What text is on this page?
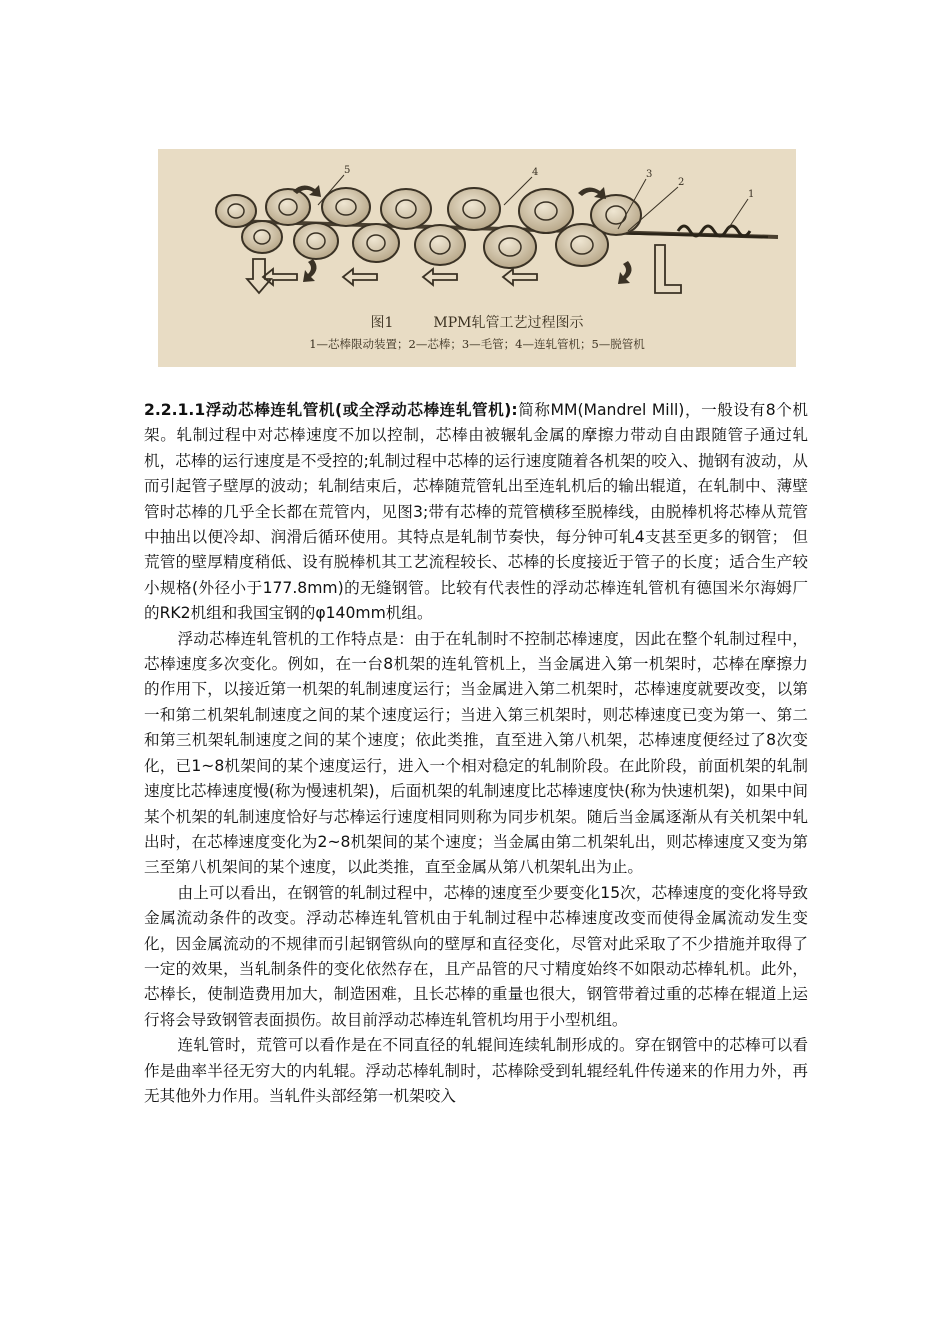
5	4	3
2
1
图1	MPM轧管工艺过程图示
1—芯棒限动装置；2—芯棒；3—毛管；4—连轧管机；5—脱管机

2.2.1.1浮动芯棒连轧管机(或全浮动芯棒连轧管机):简称MM(Mandrel Mill)，一般设有8个机架。轧制过程中对芯棒速度不加以控制，芯棒由被辗轧金属的摩擦力带动自由跟随管子通过轧机，芯棒的运行速度是不受控的;轧制过程中芯棒的运行速度随着各机架的咬入、抛钢有波动，从而引起管子壁厚的波动；轧制结束后，芯棒随荒管轧出至连轧机后的输出辊道，在轧制中、薄壁管时芯棒的几乎全长都在荒管内，见图3;带有芯棒的荒管横移至脱棒线，由脱棒机将芯棒从荒管中抽出以便冷却、润滑后循环使用。其特点是轧制节奏快，每分钟可轧4支甚至更多的钢管； 但荒管的壁厚精度稍低、设有脱棒机其工艺流程较长、芯棒的长度接近于管子的长度；适合生产较小规格(外径小于177.8mm)的无缝钢管。比较有代表性的浮动芯棒连轧管机有德国米尔海姆厂的RK2机组和我国宝钢的φ140mm机组。

浮动芯棒连轧管机的工作特点是：由于在轧制时不控制芯棒速度，因此在整个轧制过程中，芯棒速度多次变化。例如，在一台8机架的连轧管机上，当金属进入第一机架时，芯棒在摩擦力的作用下，以接近第一机架的轧制速度运行；当金属进入第二机架时，芯棒速度就要改变，以第一和第二机架轧制速度之间的某个速度运行；当进入第三机架时，则芯棒速度已变为第一、第二和第三机架轧制速度之间的某个速度；依此类推，直至进入第八机架，芯棒速度便经过了8次变化，已1~8机架间的某个速度运行，进入一个相对稳定的轧制阶段。在此阶段，前面机架的轧制速度比芯棒速度慢(称为慢速机架)，后面机架的轧制速度比芯棒速度快(称为快速机架)，如果中间某个机架的轧制速度恰好与芯棒运行速度相同则称为同步机架。随后当金属逐渐从有关机架中轧出时，在芯棒速度变化为2~8机架间的某个速度；当金属由第二机架轧出，则芯棒速度又变为第三至第八机架间的某个速度，以此类推，直至金属从第八机架轧出为止。

由上可以看出，在钢管的轧制过程中，芯棒的速度至少要变化15次，芯棒速度的变化将导致金属流动条件的改变。浮动芯棒连轧管机由于轧制过程中芯棒速度改变而使得金属流动发生变化，因金属流动的不规律而引起钢管纵向的壁厚和直径变化，尽管对此采取了不少措施并取得了一定的效果，当轧制条件的变化依然存在，且产品管的尺寸精度始终不如限动芯棒轧机。此外，芯棒长，使制造费用加大，制造困难，且长芯棒的重量也很大，钢管带着过重的芯棒在辊道上运行将会导致钢管表面损伤。故目前浮动芯棒连轧管机均用于小型机组。

连轧管时，荒管可以看作是在不同直径的轧辊间连续轧制形成的。穿在钢管中的芯棒可以看作是曲率半径无穷大的内轧辊。浮动芯棒轧制时，芯棒除受到轧辊经轧件传递来的作用力外，再无其他外力作用。当轧件头部经第一机架咬入
